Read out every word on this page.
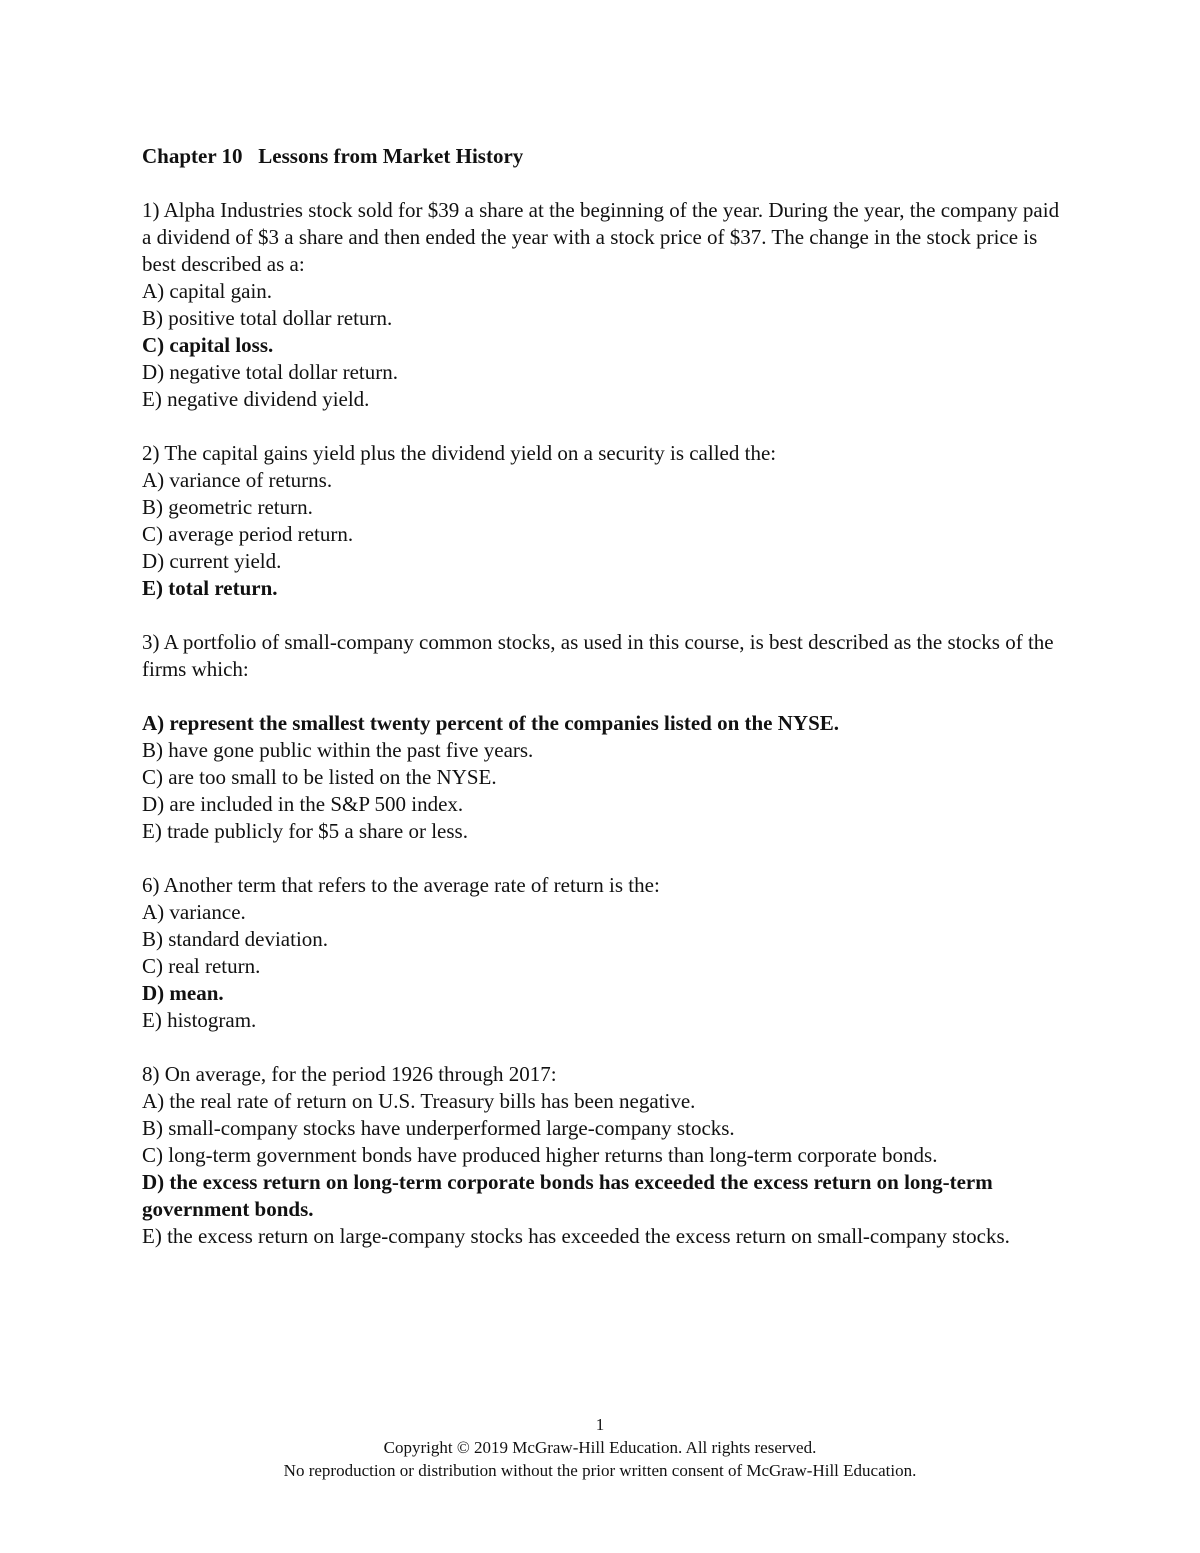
Chapter 10   Lessons from Market History

1) Alpha Industries stock sold for $39 a share at the beginning of the year. During the year, the company paid a dividend of $3 a share and then ended the year with a stock price of $37. The change in the stock price is best described as a:

A) capital gain.

B) positive total dollar return.

C) capital loss.

D) negative total dollar return.

E) negative dividend yield.

2) The capital gains yield plus the dividend yield on a security is called the:

A) variance of returns.

B) geometric return.

C) average period return.

D) current yield.

E) total return.

3) A portfolio of small-company common stocks, as used in this course, is best described as the stocks of the firms which:

A) represent the smallest twenty percent of the companies listed on the NYSE.

B) have gone public within the past five years.

C) are too small to be listed on the NYSE.

D) are included in the S&P 500 index.

E) trade publicly for $5 a share or less.

6) Another term that refers to the average rate of return is the:

A) variance.

B) standard deviation.

C) real return.

D) mean.

E) histogram.

8) On average, for the period 1926 through 2017:

A) the real rate of return on U.S. Treasury bills has been negative.

B) small-company stocks have underperformed large-company stocks.

C) long-term government bonds have produced higher returns than long-term corporate bonds.

D) the excess return on long-term corporate bonds has exceeded the excess return on long-term government bonds.

E) the excess return on large-company stocks has exceeded the excess return on small-company stocks.

1
Copyright © 2019 McGraw-Hill Education. All rights reserved.
No reproduction or distribution without the prior written consent of McGraw-Hill Education.
